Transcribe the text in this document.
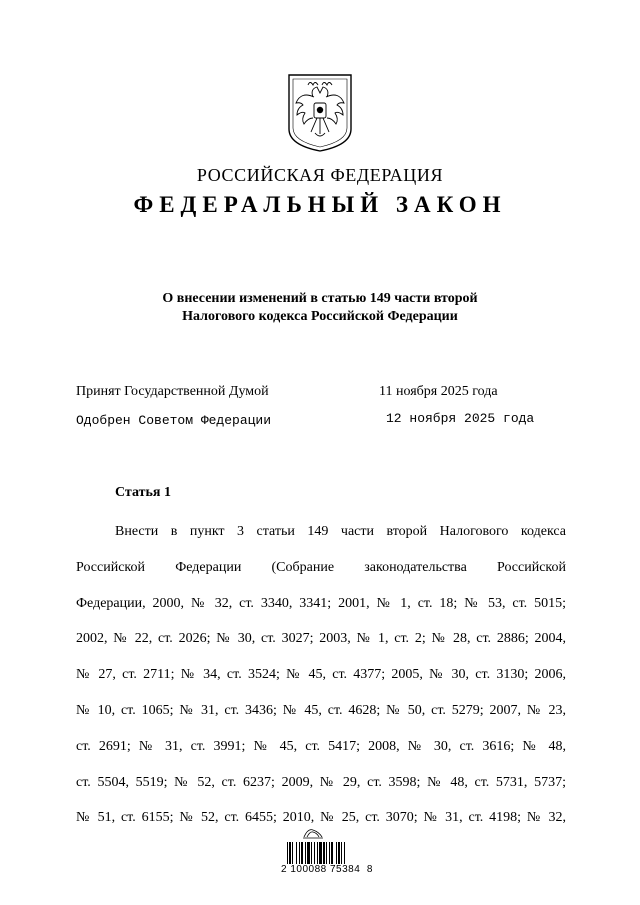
РОССИЙСКАЯ ФЕДЕРАЦИЯ
ФЕДЕРАЛЬНЫЙ ЗАКОН
О внесении изменений в статью 149 части второй
Налогового кодекса Российской Федерации
Принят Государственной Думой	11 ноября 2025 года
Одобрен Советом Федерации	12 ноября 2025 года
Статья 1

Внести в пункт 3 статьи 149 части второй Налогового кодекса
Российской Федерации (Собрание законодательства Российской
Федерации, 2000, № 32, ст. 3340, 3341; 2001, № 1, ст. 18; № 53, ст. 5015;
2002, № 22, ст. 2026; № 30, ст. 3027; 2003, № 1, ст. 2; № 28, ст. 2886; 2004,
№ 27, ст. 2711; № 34, ст. 3524; № 45, ст. 4377; 2005, № 30, ст. 3130; 2006,
№ 10, ст. 1065; № 31, ст. 3436; № 45, ст. 4628; № 50, ст. 5279; 2007, № 23,
ст. 2691; № 31, ст. 3991; № 45, ст. 5417; 2008, № 30, ст. 3616; № 48,
ст. 5504, 5519; № 52, ст. 6237; 2009, № 29, ст. 3598; № 48, ст. 5731, 5737;
№ 51, ст. 6155; № 52, ст. 6455; 2010, № 25, ст. 3070; № 31, ст. 4198; № 32,

2 100088 75384  8
